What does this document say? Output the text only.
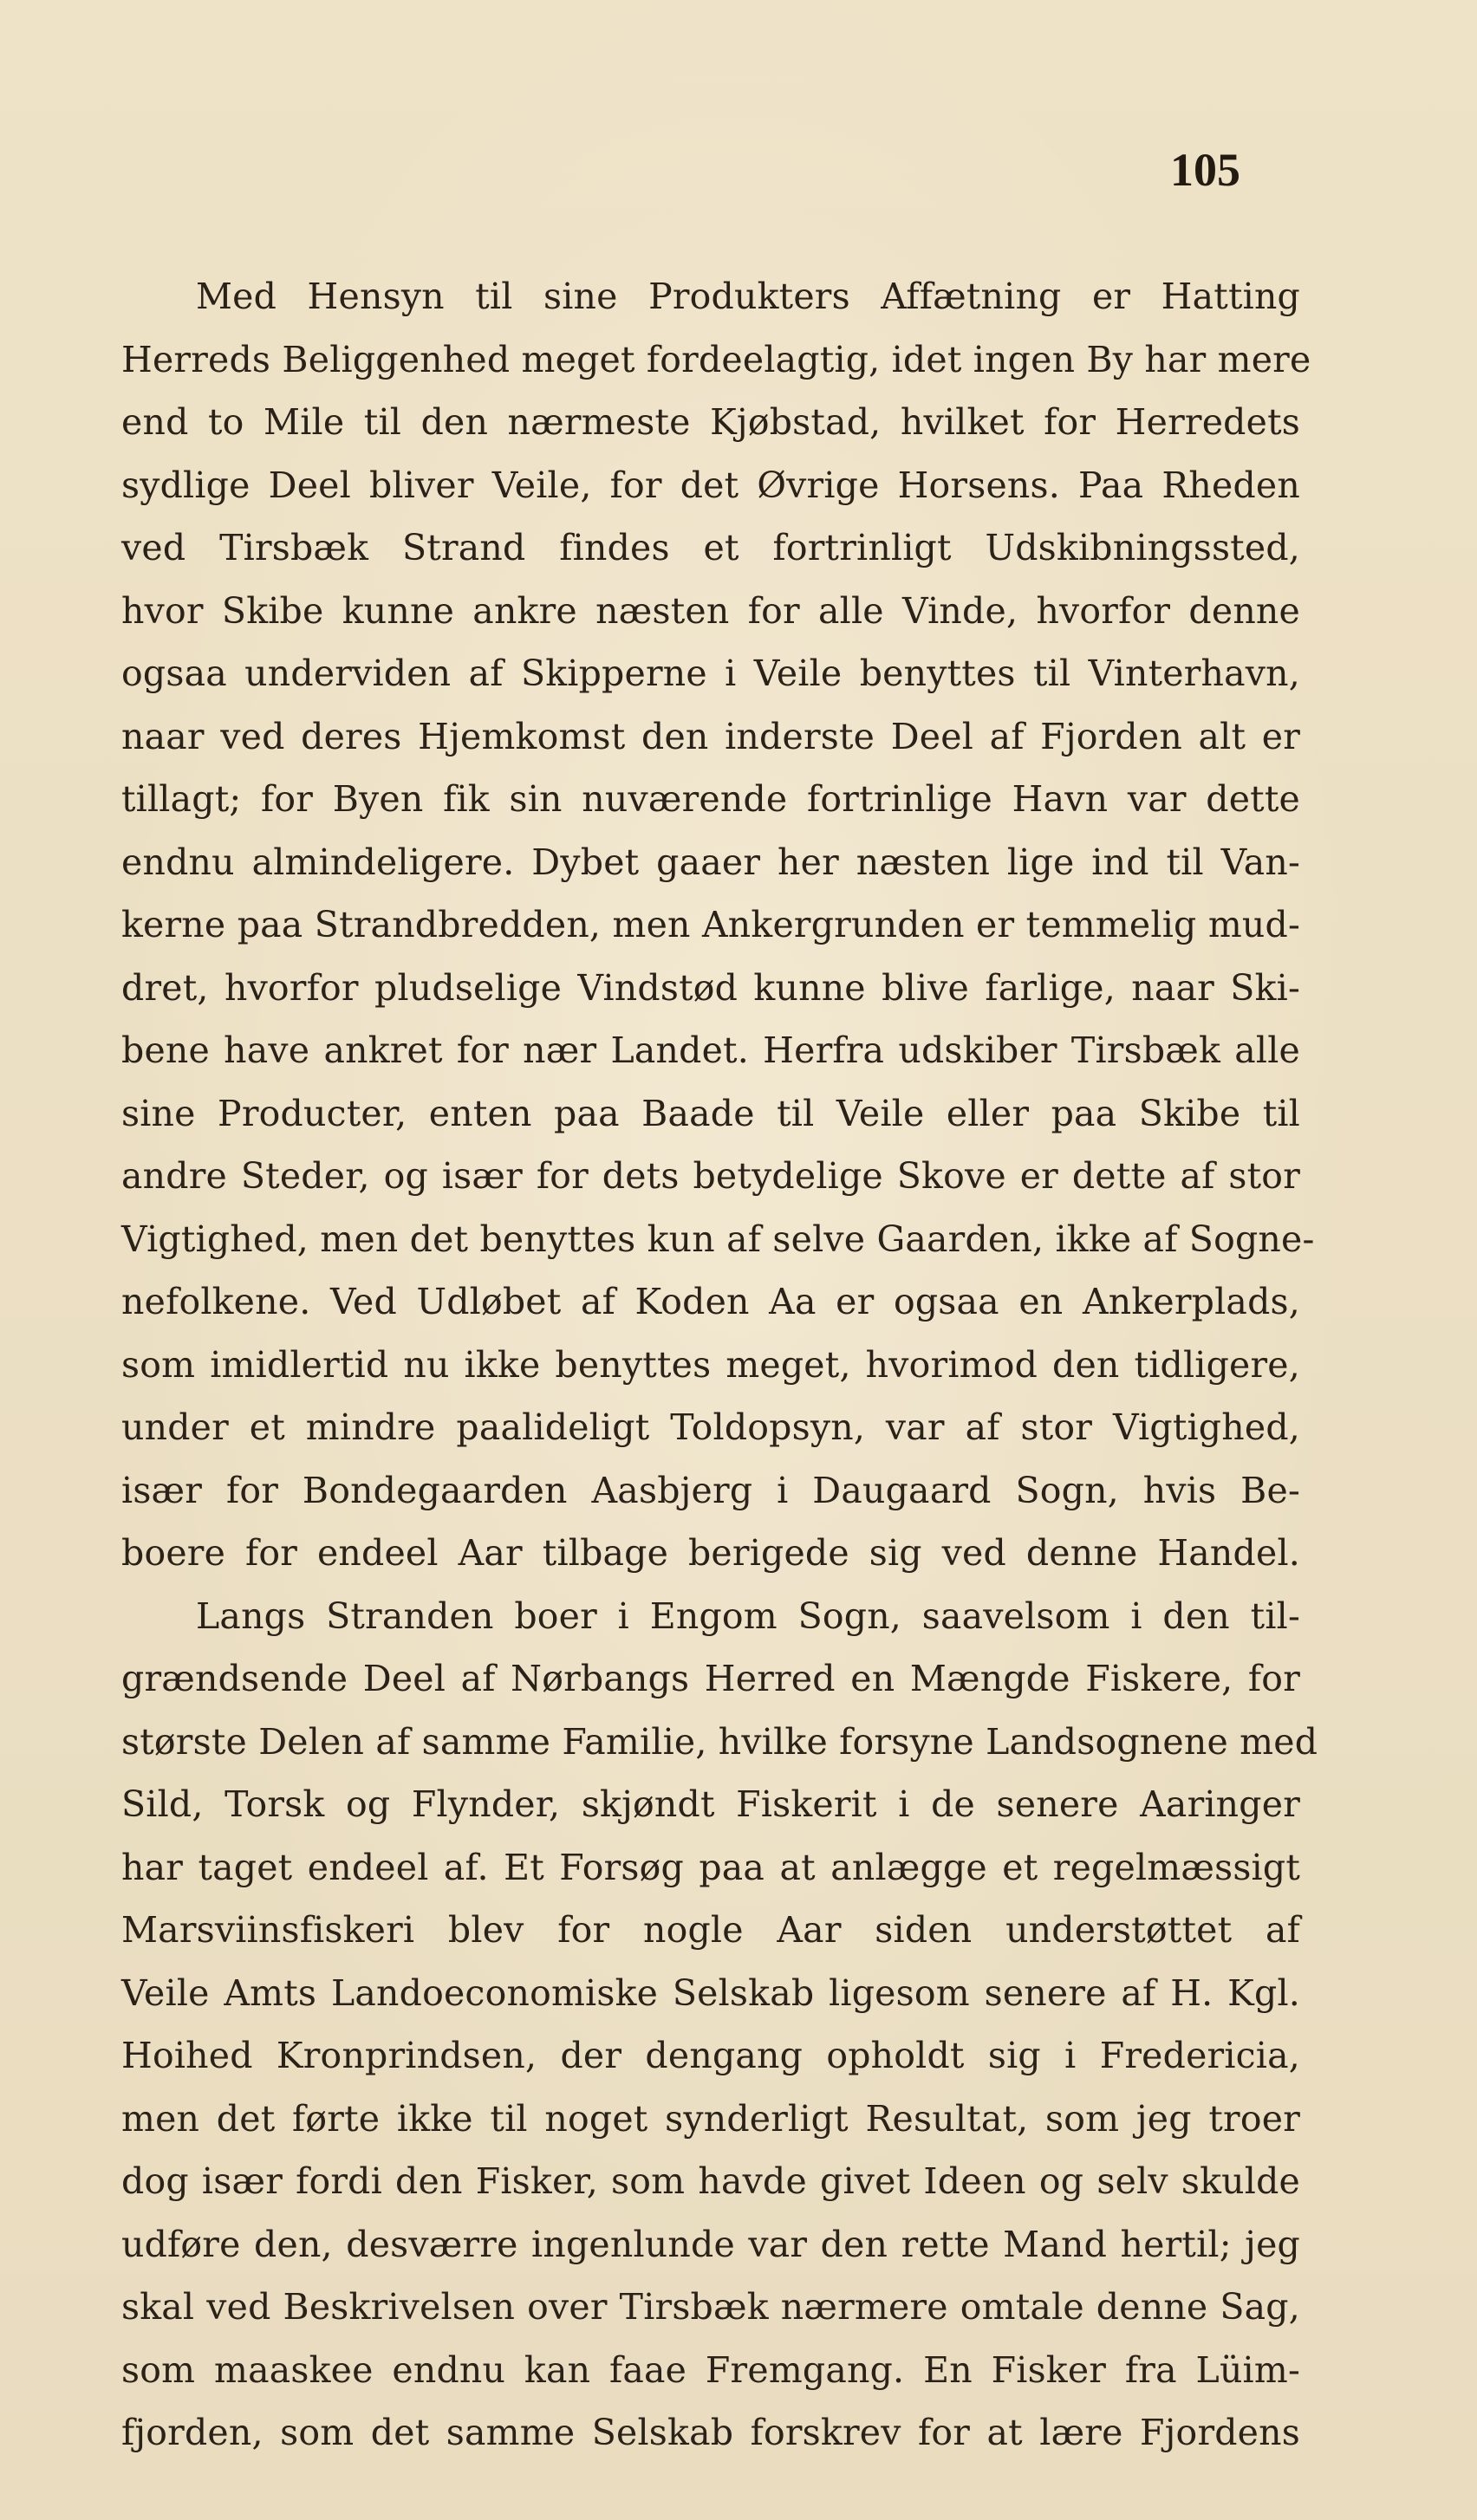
105
Med Hensyn til sine Produkters Affætning er Hatting
Herreds Beliggenhed meget fordeelagtig, idet ingen By har mere
end to Mile til den nærmeste Kjøbstad, hvilket for Herredets
sydlige Deel bliver Veile, for det Øvrige Horsens. Paa Rheden
ved Tirsbæk Strand findes et fortrinligt Udskibningssted,
hvor Skibe kunne ankre næsten for alle Vinde, hvorfor denne
ogsaa underviden af Skipperne i Veile benyttes til Vinterhavn,
naar ved deres Hjemkomst den inderste Deel af Fjorden alt er
tillagt; for Byen fik sin nuværende fortrinlige Havn var dette
endnu almindeligere. Dybet gaaer her næsten lige ind til Van-
kerne paa Strandbredden, men Ankergrunden er temmelig mud-
dret, hvorfor pludselige Vindstød kunne blive farlige, naar Ski-
bene have ankret for nær Landet. Herfra udskiber Tirsbæk alle
sine Producter, enten paa Baade til Veile eller paa Skibe til
andre Steder, og især for dets betydelige Skove er dette af stor
Vigtighed, men det benyttes kun af selve Gaarden, ikke af Sogne-
nefolkene. Ved Udløbet af Koden Aa er ogsaa en Ankerplads,
som imidlertid nu ikke benyttes meget, hvorimod den tidligere,
under et mindre paalideligt Toldopsyn, var af stor Vigtighed,
især for Bondegaarden Aasbjerg i Daugaard Sogn, hvis Be-
boere for endeel Aar tilbage berigede sig ved denne Handel.
Langs Stranden boer i Engom Sogn, saavelsom i den til-
grændsende Deel af Nørbangs Herred en Mængde Fiskere, for
største Delen af samme Familie, hvilke forsyne Landsognene med
Sild, Torsk og Flynder, skjøndt Fiskerit i de senere Aaringer
har taget endeel af. Et Forsøg paa at anlægge et regelmæssigt
Marsviinsfiskeri blev for nogle Aar siden understøttet af
Veile Amts Landoeconomiske Selskab ligesom senere af H. Kgl.
Hoihed Kronprindsen, der dengang opholdt sig i Fredericia,
men det førte ikke til noget synderligt Resultat, som jeg troer
dog især fordi den Fisker, som havde givet Ideen og selv skulde
udføre den, desværre ingenlunde var den rette Mand hertil; jeg
skal ved Beskrivelsen over Tirsbæk nærmere omtale denne Sag,
som maaskee endnu kan faae Fremgang. En Fisker fra Lüim-
fjorden, som det samme Selskab forskrev for at lære Fjordens
